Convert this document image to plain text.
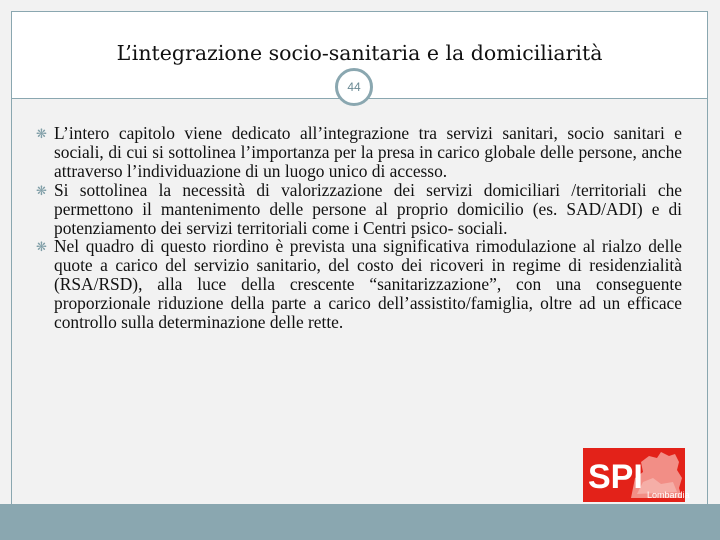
L’integrazione socio-sanitaria e la domiciliarità
44
❋ L’intero capitolo viene dedicato all’integrazione tra servizi sanitari, socio sanitari e sociali, di cui si sottolinea l’importanza per la presa in carico globale delle persone, anche attraverso l’individuazione di un luogo unico di accesso.
❋ Si sottolinea la necessità di valorizzazione dei servizi domiciliari /territoriali che permettono il mantenimento delle persone al proprio domicilio (es. SAD/ADI) e di potenziamento dei servizi territoriali come i Centri psico- sociali.
❋ Nel quadro di questo riordino è prevista una significativa rimodulazione al rialzo delle quote a carico del servizio sanitario, del costo dei ricoveri in regime di residenzialità (RSA/RSD), alla luce della crescente “sanitarizzazione”, con una conseguente proporzionale riduzione della parte a carico dell’assistito/famiglia, oltre ad un efficace controllo sulla determinazione delle rette.
SPI Lombardia
